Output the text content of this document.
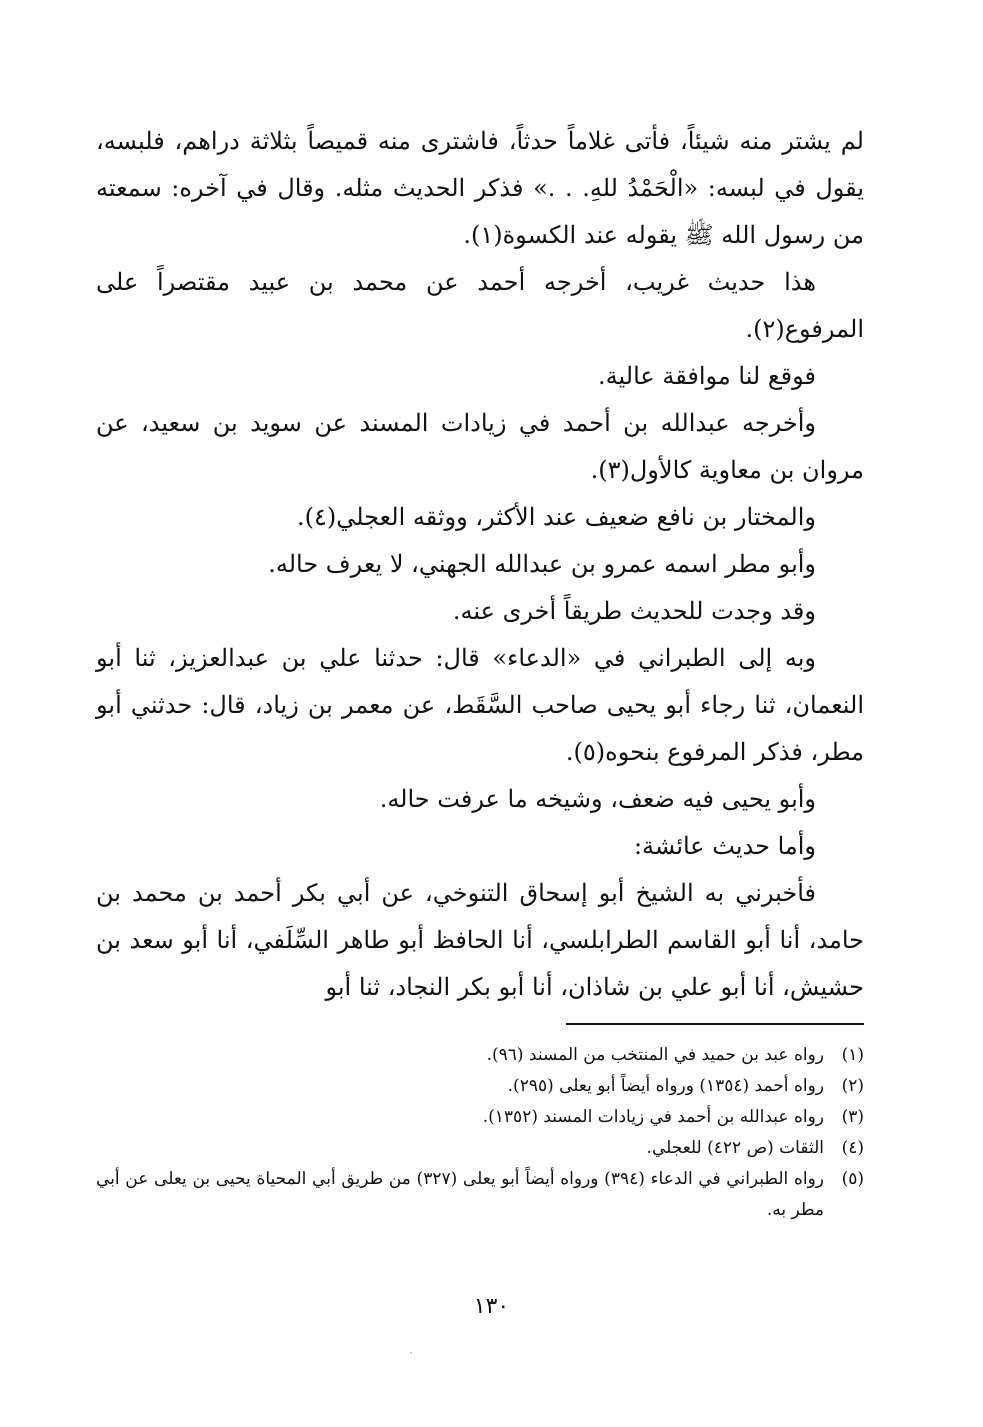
لم يشتر منه شيئاً، فأتى غلاماً حدثاً، فاشترى منه قميصاً بثلاثة دراهم، فلبسه، يقول في لبسه: «الْحَمْدُ للهِ. . .» فذكر الحديث مثله. وقال في آخره: سمعته من رسول الله ﷺ يقوله عند الكسوة(١).

هذا حديث غريب، أخرجه أحمد عن محمد بن عبيد مقتصراً على المرفوع(٢).

فوقع لنا موافقة عالية.

وأخرجه عبدالله بن أحمد في زيادات المسند عن سويد بن سعيد، عن مروان بن معاوية كالأول(٣).

والمختار بن نافع ضعيف عند الأكثر، ووثقه العجلي(٤).

وأبو مطر اسمه عمرو بن عبدالله الجهني، لا يعرف حاله.

وقد وجدت للحديث طريقاً أخرى عنه.

وبه إلى الطبراني في «الدعاء» قال: حدثنا علي بن عبدالعزيز، ثنا أبو النعمان، ثنا رجاء أبو يحيى صاحب السَّقَط، عن معمر بن زياد، قال: حدثني أبو مطر، فذكر المرفوع بنحوه(٥).

وأبو يحيى فيه ضعف، وشيخه ما عرفت حاله.

وأما حديث عائشة:

فأخبرني به الشيخ أبو إسحاق التنوخي، عن أبي بكر أحمد بن محمد بن حامد، أنا أبو القاسم الطرابلسي، أنا الحافظ أبو طاهر السِّلَفي، أنا أبو سعد بن حشيش، أنا أبو علي بن شاذان، أنا أبو بكر النجاد، ثنا أبو

(١)
رواه عبد بن حميد في المنتخب من المسند (٩٦).
(٢)
رواه أحمد (١٣٥٤) ورواه أيضاً أبو يعلى (٢٩٥).
(٣)
رواه عبدالله بن أحمد في زيادات المسند (١٣٥٢).
(٤)
الثقات (ص ٤٢٢) للعجلي.
(٥)
رواه الطبراني في الدعاء (٣٩٤) ورواه أيضاً أبو يعلى (٣٢٧) من طريق أبي المحياة يحيى بن يعلى عن أبي مطر به.
١٣٠
